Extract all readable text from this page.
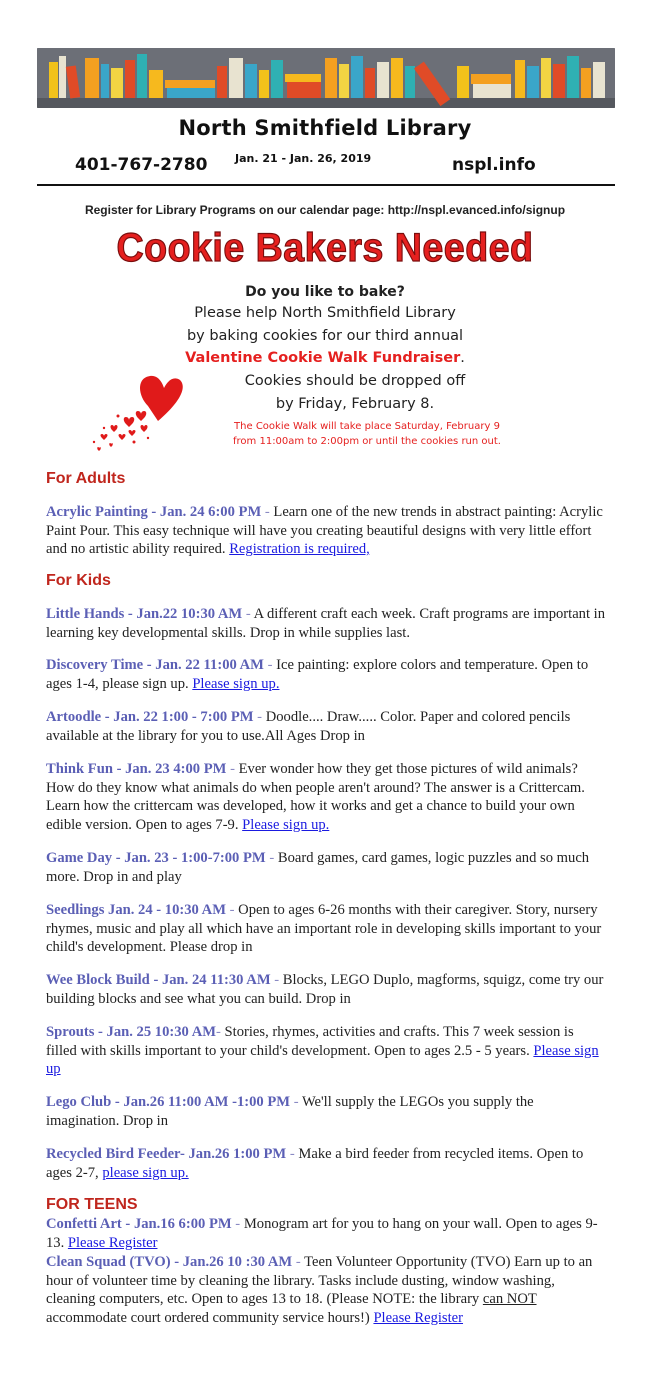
North Smithfield Library
401-767-2780	Jan. 21 - Jan. 26, 2019	nspl.info
Register for Library Programs on our calendar page: http://nspl.evanced.info/signup
Cookie Bakers Needed
Do you like to bake?
Please help North Smithfield Library
by baking cookies for our third annual
Valentine Cookie Walk Fundraiser.
Cookies should be dropped off
by Friday, February 8.
The Cookie Walk will take place Saturday, February 9
from 11:00am to 2:00pm or until the cookies run out.
For Adults
Acrylic Painting - Jan. 24 6:00 PM - Learn one of the new trends in abstract painting: Acrylic Paint Pour. This easy technique will have you creating beautiful designs with very little effort and no artistic ability required. Registration is required,
For Kids
Little Hands - Jan.22 10:30 AM - A different craft each week. Craft programs are important in learning key developmental skills. Drop in while supplies last.
Discovery Time - Jan. 22 11:00 AM - Ice painting: explore colors and temperature. Open to ages 1-4, please sign up. Please sign up.
Artoodle - Jan. 22 1:00 - 7:00 PM - Doodle.... Draw..... Color. Paper and colored pencils available at the library for you to use.All Ages Drop in
Think Fun - Jan. 23 4:00 PM - Ever wonder how they get those pictures of wild animals? How do they know what animals do when people aren't around? The answer is a Crittercam. Learn how the crittercam was developed, how it works and get a chance to build your own edible version. Open to ages 7-9. Please sign up.
Game Day - Jan. 23 - 1:00-7:00 PM - Board games, card games, logic puzzles and so much more. Drop in and play
Seedlings Jan. 24 - 10:30 AM - Open to ages 6-26 months with their caregiver. Story, nursery rhymes, music and play all which have an important role in developing skills important to your child's development. Please drop in
Wee Block Build - Jan. 24 11:30 AM - Blocks, LEGO Duplo, magforms, squigz, come try our building blocks and see what you can build. Drop in
Sprouts - Jan. 25 10:30 AM- Stories, rhymes, activities and crafts. This 7 week session is filled with skills important to your child's development. Open to ages 2.5 - 5 years. Please sign up
Lego Club - Jan.26 11:00 AM -1:00 PM - We'll supply the LEGOs you supply the imagination. Drop in
Recycled Bird Feeder- Jan.26 1:00 PM - Make a bird feeder from recycled items. Open to ages 2-7, please sign up.
FOR TEENS
Confetti Art - Jan.16 6:00 PM - Monogram art for you to hang on your wall. Open to ages 9-13. Please Register
Clean Squad (TVO) - Jan.26 10 :30 AM - Teen Volunteer Opportunity (TVO) Earn up to an hour of volunteer time by cleaning the library. Tasks include dusting, window washing, cleaning computers, etc. Open to ages 13 to 18. (Please NOTE: the library can NOT accommodate court ordered community service hours!) Please Register
